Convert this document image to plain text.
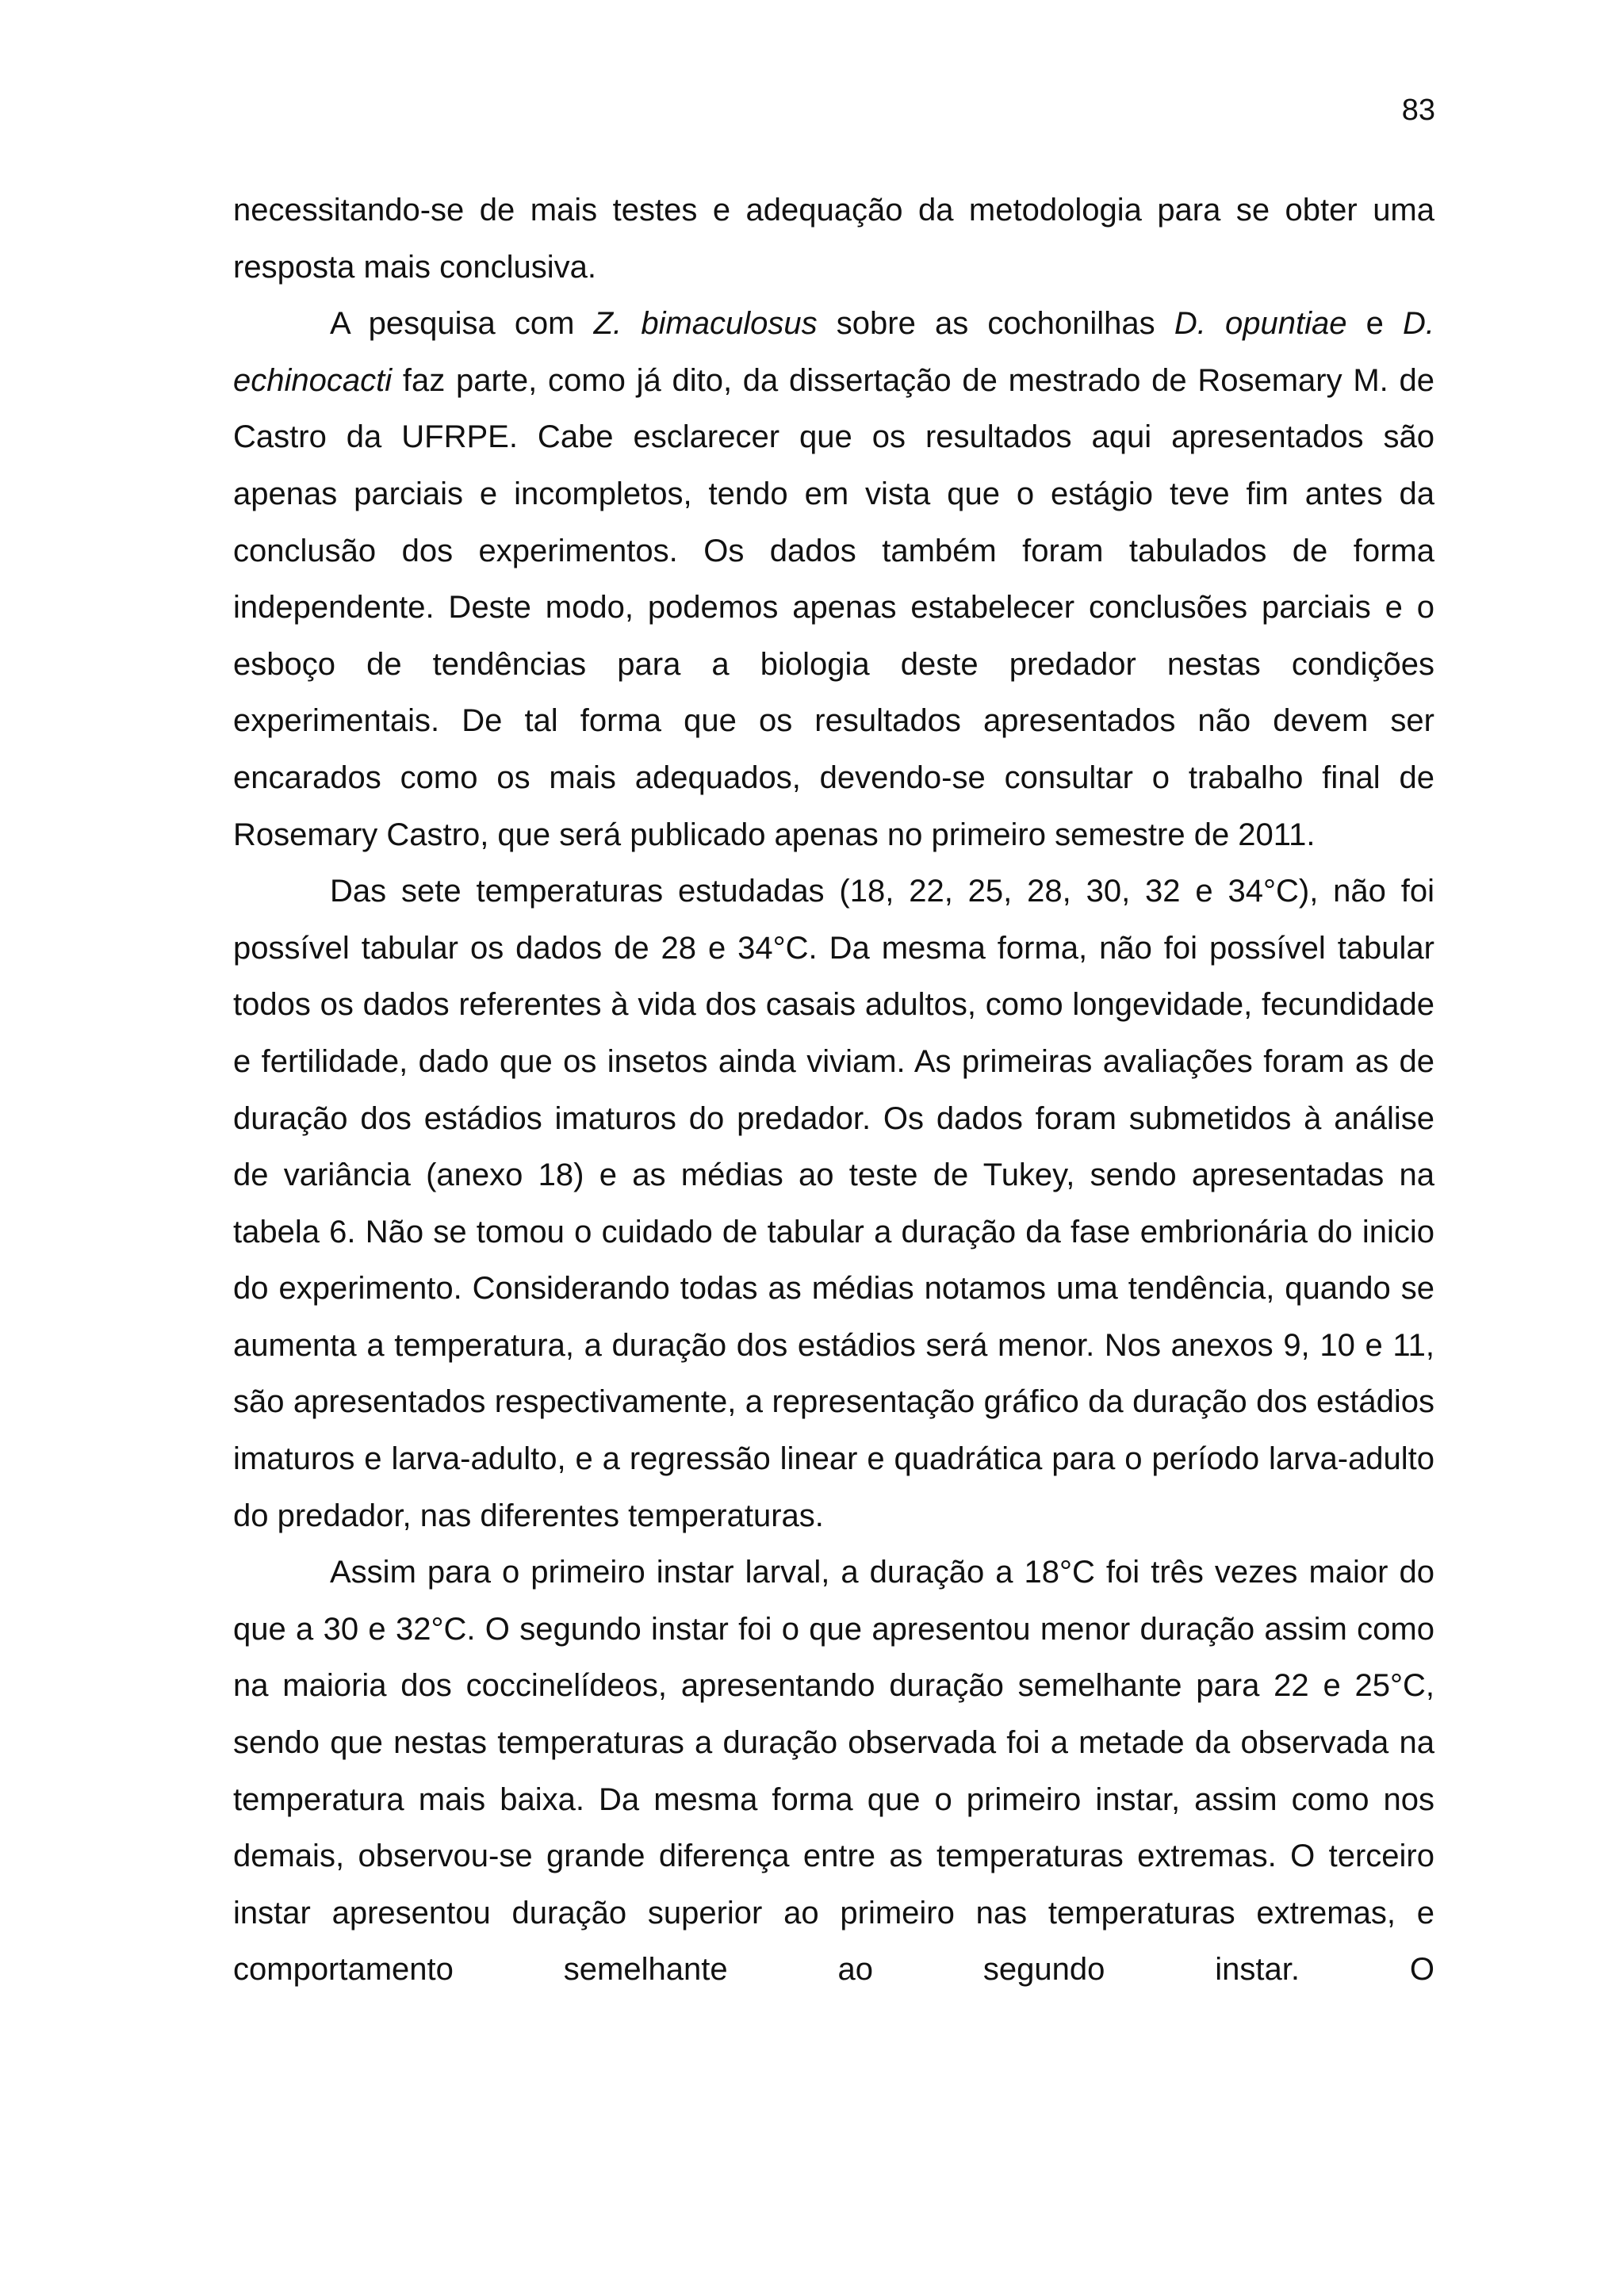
83

necessitando-se de mais testes e adequação da metodologia para se obter uma resposta mais conclusiva.

A pesquisa com Z. bimaculosus sobre as cochonilhas D. opuntiae e D. echinocacti faz parte, como já dito, da dissertação de mestrado de Rosemary M. de Castro da UFRPE. Cabe esclarecer que os resultados aqui apresentados são apenas parciais e incompletos, tendo em vista que o estágio teve fim antes da conclusão dos experimentos. Os dados também foram tabulados de forma independente. Deste modo, podemos apenas estabelecer conclusões parciais e o esboço de tendências para a biologia deste predador nestas condições experimentais. De tal forma que os resultados apresentados não devem ser encarados como os mais adequados, devendo-se consultar o trabalho final de Rosemary Castro, que será publicado apenas no primeiro semestre de 2011.

Das sete temperaturas estudadas (18, 22, 25, 28, 30, 32 e 34°C), não foi possível tabular os dados de 28 e 34°C. Da mesma forma, não foi possível tabular todos os dados referentes à vida dos casais adultos, como longevidade, fecundidade e fertilidade, dado que os insetos ainda viviam. As primeiras avaliações foram as de duração dos estádios imaturos do predador. Os dados foram submetidos à análise de variância (anexo 18) e as médias ao teste de Tukey, sendo apresentadas na tabela 6. Não se tomou o cuidado de tabular a duração da fase embrionária do inicio do experimento. Considerando todas as médias notamos uma tendência, quando se aumenta a temperatura, a duração dos estádios será menor. Nos anexos 9, 10 e 11, são apresentados respectivamente, a representação gráfico da duração dos estádios imaturos e larva-adulto, e a regressão linear e quadrática para o período larva-adulto do predador, nas diferentes temperaturas.

Assim para o primeiro instar larval, a duração a 18°C foi três vezes maior do que a 30 e 32°C. O segundo instar foi o que apresentou menor duração assim como na maioria dos coccinelídeos, apresentando duração semelhante para 22 e 25°C, sendo que nestas temperaturas a duração observada foi a metade da observada na temperatura mais baixa. Da mesma forma que o primeiro instar, assim como nos demais, observou-se grande diferença entre as temperaturas extremas. O terceiro instar apresentou duração superior ao primeiro nas temperaturas extremas, e comportamento semelhante ao segundo instar. O
